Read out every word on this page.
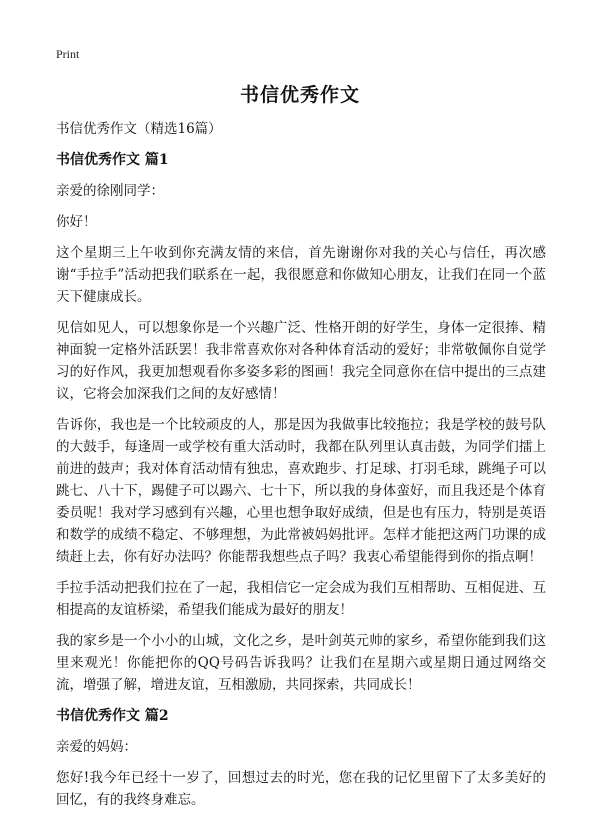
Print
书信优秀作文
书信优秀作文（精选16篇）
书信优秀作文 篇1
亲爱的徐刚同学：
你好！
这个星期三上午收到你充满友情的来信，首先谢谢你对我的关心与信任，再次感谢“手拉手”活动把我们联系在一起，我很愿意和你做知心朋友，让我们在同一个蓝天下健康成长。
见信如见人，可以想象你是一个兴趣广泛、性格开朗的好学生，身体一定很捧、精神面貌一定格外活跃罢！我非常喜欢你对各种体育活动的爱好；非常敬佩你自觉学习的好作风，我更加想观看你多姿多彩的图画！我完全同意你在信中提出的三点建议，它将会加深我们之间的友好感情！
告诉你，我也是一个比较顽皮的人，那是因为我做事比较拖拉；我是学校的鼓号队的大鼓手，每逢周一或学校有重大活动时，我都在队列里认真击鼓，为同学们擂上前进的鼓声；我对体育活动情有独忠，喜欢跑步、打足球、打羽毛球，跳绳子可以跳七、八十下，踢健子可以踢六、七十下，所以我的身体蛮好，而且我还是个体育委员呢！我对学习感到有兴趣，心里也想争取好成绩，但是也有压力，特别是英语和数学的成绩不稳定、不够理想，为此常被妈妈批评。怎样才能把这两门功课的成绩赶上去，你有好办法吗？你能帮我想些点子吗？我衷心希望能得到你的指点啊！
手拉手活动把我们拉在了一起，我相信它一定会成为我们互相帮助、互相促进、互相提高的友谊桥梁，希望我们能成为最好的朋友！
我的家乡是一个小小的山城，文化之乡，是叶剑英元帅的家乡，希望你能到我们这里来观光！你能把你的QQ号码告诉我吗？让我们在星期六或星期日通过网络交流，增强了解，增进友谊，互相激励，共同探索，共同成长！
书信优秀作文 篇2
亲爱的妈妈：
您好!我今年已经十一岁了，回想过去的时光，您在我的记忆里留下了太多美好的回忆，有的我终身难忘。
